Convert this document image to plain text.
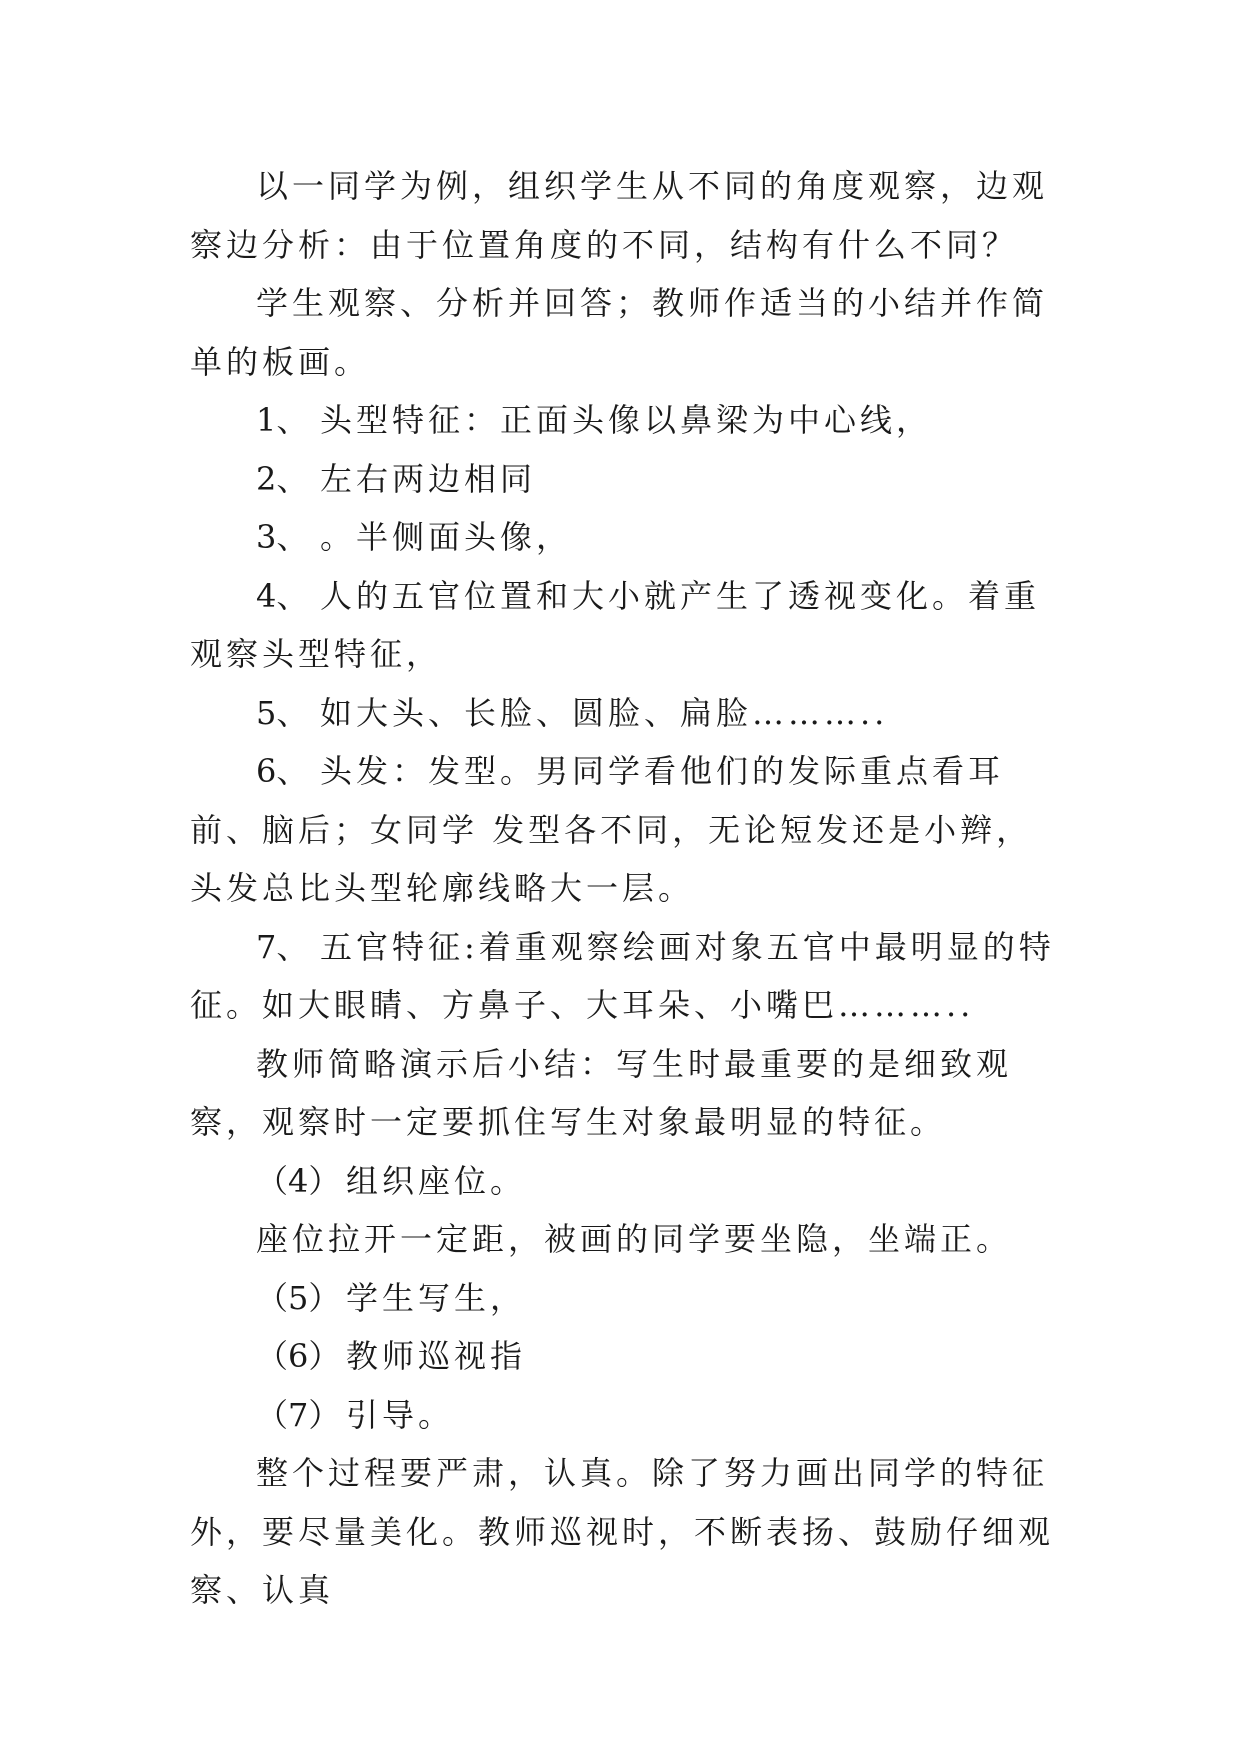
以一同学为例，组织学生从不同的角度观察，边观察边分析：由于位置角度的不同，结构有什么不同？

学生观察、分析并回答；教师作适当的小结并作简单的板画。

1、 头型特征：正面头像以鼻梁为中心线，

2、 左右两边相同

3、 。半侧面头像，

4、 人的五官位置和大小就产生了透视变化。着重观察头型特征，

5、 如大头、长脸、圆脸、扁脸………..

6、 头发：发型。男同学看他们的发际重点看耳前、脑后；女同学 发型各不同，无论短发还是小辫，头发总比头型轮廓线略大一层。

7、 五官特征:着重观察绘画对象五官中最明显的特征。如大眼睛、方鼻子、大耳朵、小嘴巴………..

教师简略演示后小结：写生时最重要的是细致观察，观察时一定要抓住写生对象最明显的特征。

（4） 组织座位。

座位拉开一定距，被画的同学要坐隐，坐端正。

（5） 学生写生，

（6） 教师巡视指

（7） 引导。

整个过程要严肃，认真。除了努力画出同学的特征外，要尽量美化。教师巡视时，不断表扬、鼓励仔细观察、认真
